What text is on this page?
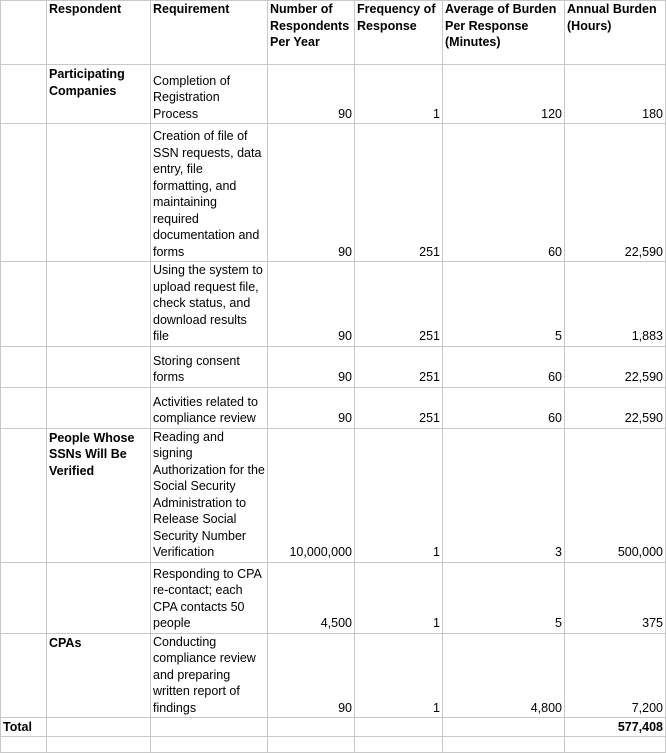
	Respondent	Requirement	Number of Respondents Per Year	Frequency of Response	Average of Burden Per Response (Minutes)	Annual Burden (Hours)
	Participating Companies	Completion of Registration Process	90	1	120	180
		Creation of file of SSN requests, data entry, file formatting, and maintaining required documentation and forms	90	251	60	22,590
		Using the system to upload request file, check status, and download results file	90	251	5	1,883
		Storing consent forms	90	251	60	22,590
		Activities related to compliance review	90	251	60	22,590
	People Whose SSNs Will Be Verified	Reading and signing Authorization for the Social Security Administration to Release Social Security Number Verification	10,000,000	1	3	500,000
		Responding to CPA re-contact; each CPA contacts 50 people	4,500	1	5	375
	CPAs	Conducting compliance review and preparing written report of findings	90	1	4,800	7,200
Total						577,408
